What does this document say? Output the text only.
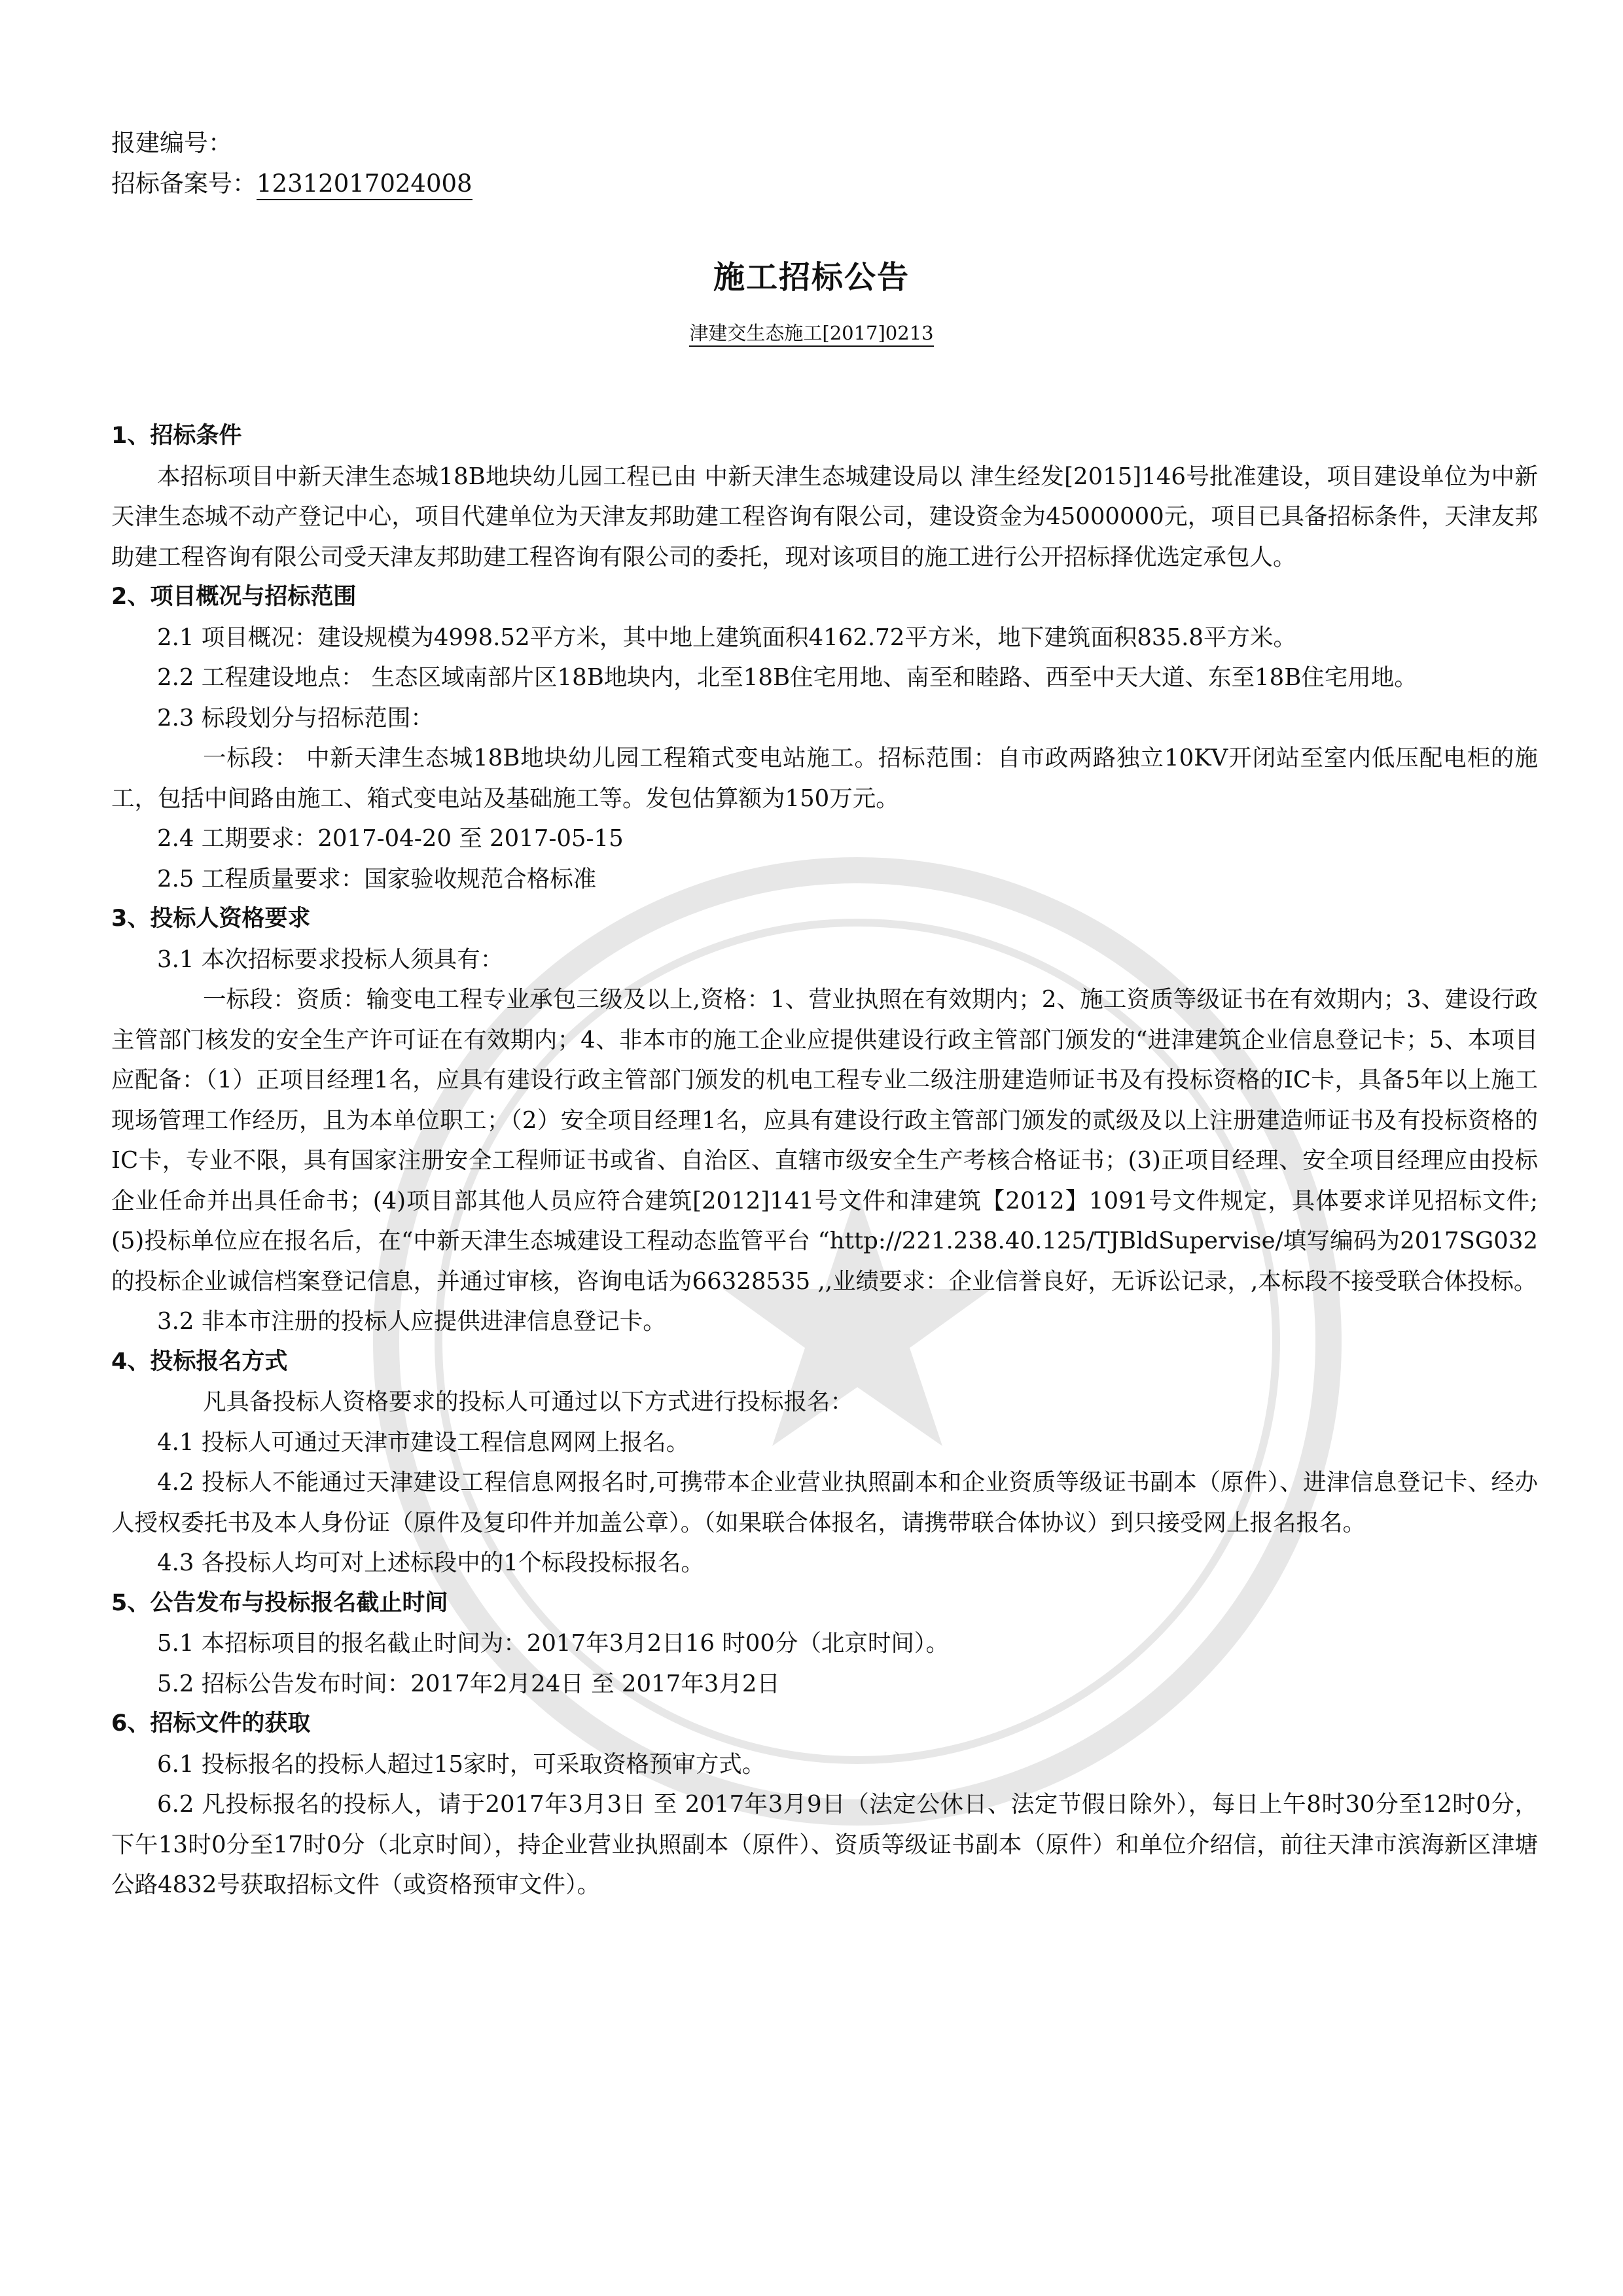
报建编号：
招标备案号：12312017024008
施工招标公告
津建交生态施工[2017]0213

1、招标条件

本招标项目中新天津生态城18B地块幼儿园工程已由 中新天津生态城建设局以 津生经发[2015]146号批准建设，项目建设单位为中新天津生态城不动产登记中心，项目代建单位为天津友邦助建工程咨询有限公司，建设资金为45000000元，项目已具备招标条件，天津友邦助建工程咨询有限公司受天津友邦助建工程咨询有限公司的委托，现对该项目的施工进行公开招标择优选定承包人。

2、项目概况与招标范围

2.1 项目概况：建设规模为4998.52平方米，其中地上建筑面积4162.72平方米，地下建筑面积835.8平方米。

2.2 工程建设地点： 生态区域南部片区18B地块内，北至18B住宅用地、南至和睦路、西至中天大道、东至18B住宅用地。

2.3 标段划分与招标范围：

一标段： 中新天津生态城18B地块幼儿园工程箱式变电站施工。招标范围：自市政两路独立10KV开闭站至室内低压配电柜的施工，包括中间路由施工、箱式变电站及基础施工等。发包估算额为150万元。

2.4 工期要求：2017-04-20 至 2017-05-15

2.5 工程质量要求：国家验收规范合格标准

3、投标人资格要求

3.1 本次招标要求投标人须具有：

一标段：资质：输变电工程专业承包三级及以上,资格：1、营业执照在有效期内；2、施工资质等级证书在有效期内；3、建设行政主管部门核发的安全生产许可证在有效期内；4、非本市的施工企业应提供建设行政主管部门颁发的“进津建筑企业信息登记卡；5、本项目应配备：（1）正项目经理1名，应具有建设行政主管部门颁发的机电工程专业二级注册建造师证书及有投标资格的IC卡，具备5年以上施工现场管理工作经历，且为本单位职工；（2）安全项目经理1名，应具有建设行政主管部门颁发的贰级及以上注册建造师证书及有投标资格的IC卡，专业不限，具有国家注册安全工程师证书或省、自治区、直辖市级安全生产考核合格证书；(3)正项目经理、安全项目经理应由投标企业任命并出具任命书；(4)项目部其他人员应符合建筑[2012]141号文件和津建筑【2012】1091号文件规定，具体要求详见招标文件;(5)投标单位应在报名后，在“中新天津生态城建设工程动态监管平台 “http://221.238.40.125/TJBldSupervise/填写编码为2017SG032的投标企业诚信档案登记信息，并通过审核，咨询电话为66328535 ,,业绩要求：企业信誉良好，无诉讼记录，,本标段不接受联合体投标。

3.2 非本市注册的投标人应提供进津信息登记卡。

4、投标报名方式

凡具备投标人资格要求的投标人可通过以下方式进行投标报名：

4.1 投标人可通过天津市建设工程信息网网上报名。

4.2 投标人不能通过天津建设工程信息网报名时,可携带本企业营业执照副本和企业资质等级证书副本（原件）、进津信息登记卡、经办人授权委托书及本人身份证（原件及复印件并加盖公章）。（如果联合体报名，请携带联合体协议）到只接受网上报名报名。

4.3 各投标人均可对上述标段中的1个标段投标报名。

5、公告发布与投标报名截止时间

5.1 本招标项目的报名截止时间为：2017年3月2日16 时00分（北京时间）。

5.2 招标公告发布时间：2017年2月24日 至 2017年3月2日

6、招标文件的获取

6.1 投标报名的投标人超过15家时，可采取资格预审方式。

6.2 凡投标报名的投标人，请于2017年3月3日 至 2017年3月9日（法定公休日、法定节假日除外），每日上午8时30分至12时0分，下午13时0分至17时0分（北京时间），持企业营业执照副本（原件）、资质等级证书副本（原件）和单位介绍信，前往天津市滨海新区津塘公路4832号获取招标文件（或资格预审文件）。
